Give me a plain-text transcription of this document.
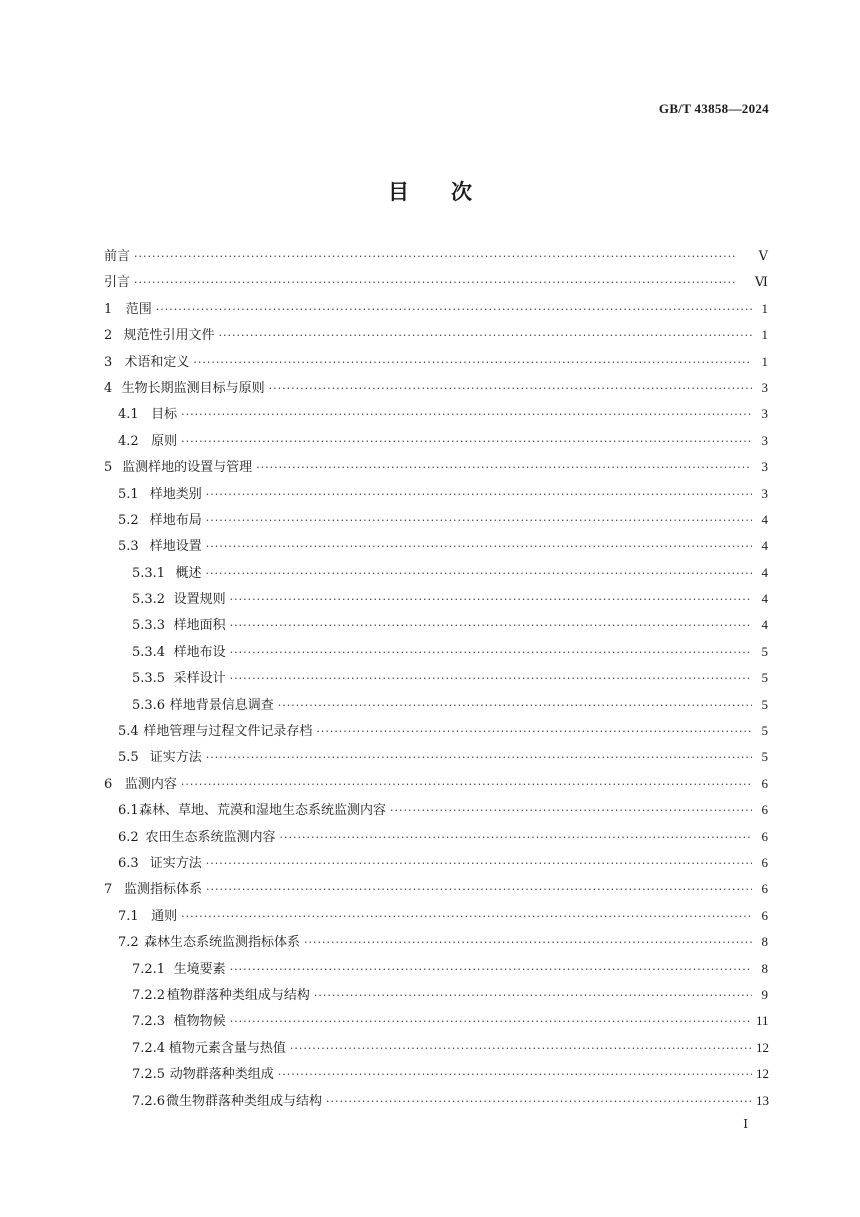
GB/T 43858—2024
目　　次
前言 ·····	Ⅴ
引言 ·····	Ⅵ
1	范围 ·····	1
2 规范性引用文件 ·····	1
3 术语和定义 ·····	1
4 生物长期监测目标与原则 ·····	3
4.1 目标 ·····	3
4.2 原则 ·····	3
5 监测样地的设置与管理 ·····	3
5.1 样地类别 ·····	3
5.2 样地布局 ·····	4
5.3 样地设置 ·····	4
5.3.1 概述 ·····	4
5.3.2 设置规则 ·····	4
5.3.3 样地面积 ·····	4
5.3.4 样地布设 ·····	5
5.3.5 采样设计 ·····	5
5.3.6 样地背景信息调查 ·····	5
5.4 样地管理与过程文件记录存档 ·····	5
5.5 证实方法 ·····	5
6 监测内容 ·····	6
6.1 森林、草地、荒漠和湿地生态系统监测内容 ·····	6
6.2 农田生态系统监测内容 ·····	6
6.3 证实方法 ·····	6
7 监测指标体系 ·····	6
7.1 通则 ·····	6
7.2 森林生态系统监测指标体系 ·····	8
7.2.1 生境要素 ·····	8
7.2.2 植物群落种类组成与结构 ·····	9
7.2.3 植物物候 ·····	11
7.2.4 植物元素含量与热值 ·····	12
7.2.5 动物群落种类组成 ·····	12
7.2.6 微生物群落种类组成与结构 ·····	13
Ⅰ
